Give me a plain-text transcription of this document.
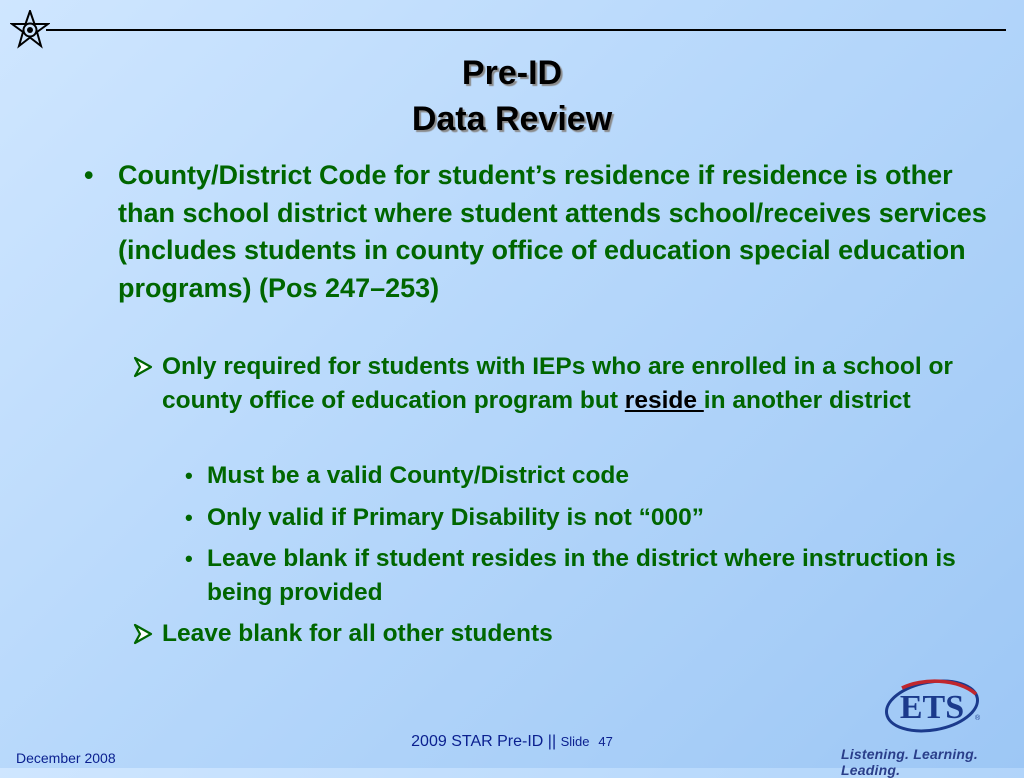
Pre-ID
Data Review
• County/District Code for student’s residence if residence is other than school district where student attends school/receives services (includes students in county office of education special education programs) (Pos 247–253)
Only required for students with IEPs who are enrolled in a school or county office of education program but reside in another district
• Must be a valid County/District code
• Only valid if Primary Disability is not “000”
• Leave blank if student resides in the district where instruction is being provided
Leave blank for all other students
ETS ®
Listening. Learning. Leading.
2009 STAR Pre-ID || Slide 47
December 2008
